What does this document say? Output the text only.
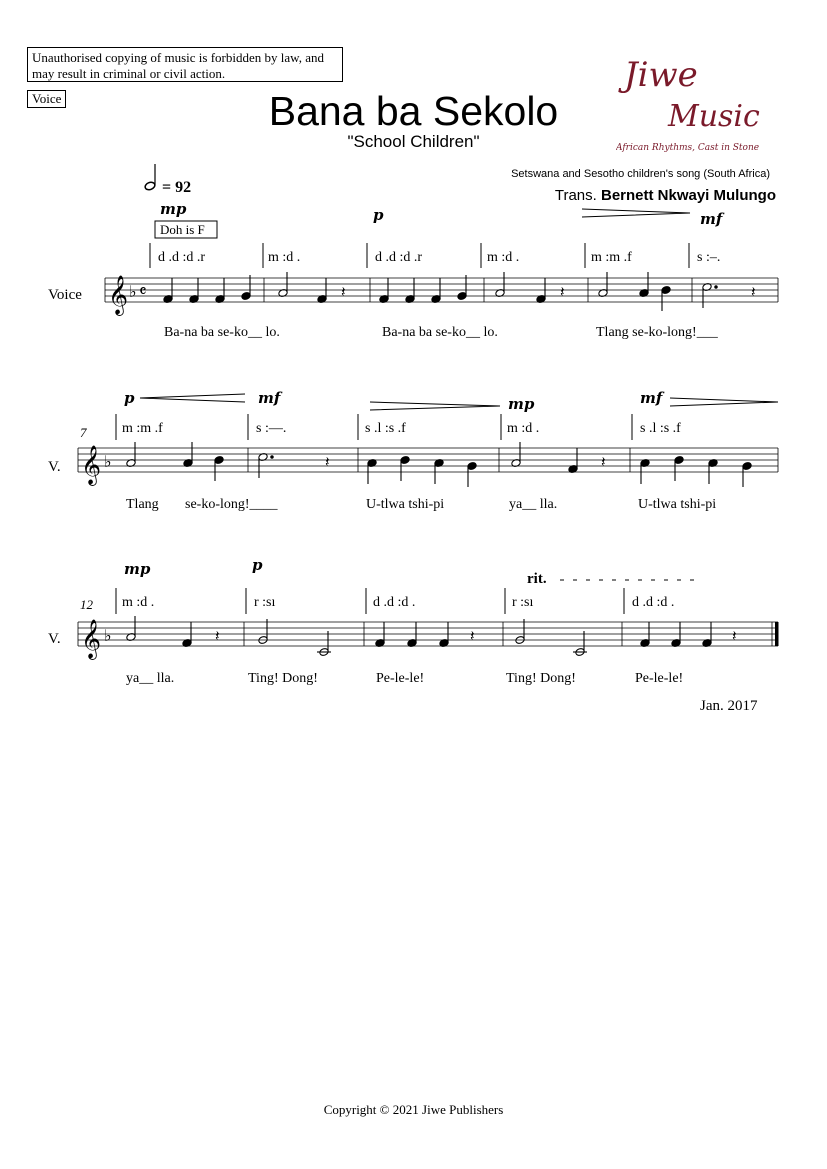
Unauthorised copying of music is forbidden by law, and may result in criminal or civil action.
Voice	Bana ba Sekolo
"School Children"
Setswana and Sesotho children's song (South Africa)
Trans. Bernett Nkwayi Mulungo
Jiwe
Music
African Rhythms, Cast in Stone
= 92
Doh is F
Voice
mp	p	mf
d .d :d .r	m :d .	d .d :d .r	m :d .	m :m .f	s :–.
𝄞 ♭ 𝄴	𝄽	𝄽	𝄽
Ba-na ba se-ko__ lo.	Ba-na ba se-ko__ lo.	Tlang se-ko-long!___
V.
7
p	mf	mp	mf
m :m .f	s :—.	s .l :s .f	m :d .	s .l :s .f
𝄞 ♭	𝄽	𝄽
Tlang se-ko-long!____	U-tlwa tshi-pi	ya__ lla.	U-tlwa tshi-pi
V.
12
mp	p
rit.
m :d .	r :sı	d .d :d .	r :sı	d .d :d .
𝄞 ♭	𝄽	𝄽	𝄽
ya__ lla.	Ting! Dong!	Pe-le-le!	Ting! Dong!	Pe-le-le!
Jan. 2017
Copyright © 2021 Jiwe Publishers
